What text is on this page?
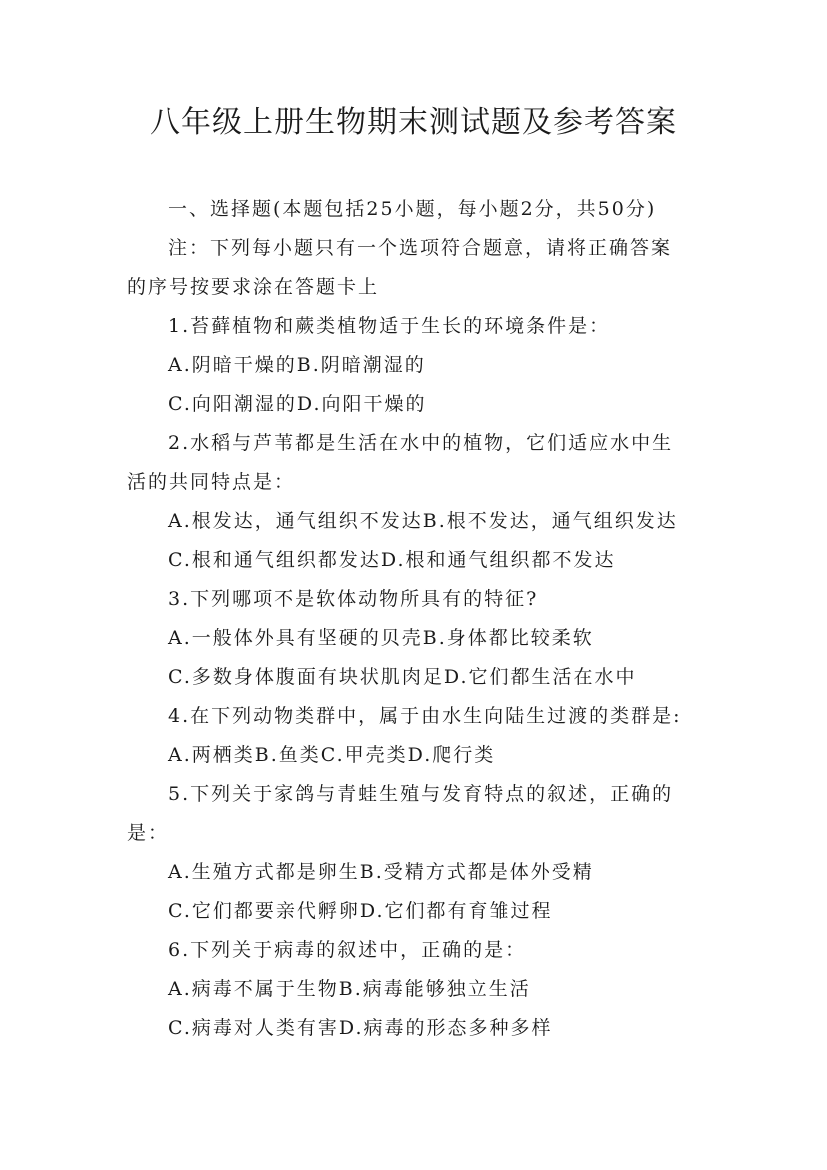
八年级上册生物期末测试题及参考答案
一、选择题(本题包括25小题，每小题2分，共50分)
注：下列每小题只有一个选项符合题意，请将正确答案
的序号按要求涂在答题卡上
1.苔藓植物和蕨类植物适于生长的环境条件是：
A.阴暗干燥的B.阴暗潮湿的
C.向阳潮湿的D.向阳干燥的
2.水稻与芦苇都是生活在水中的植物，它们适应水中生
活的共同特点是：
A.根发达，通气组织不发达B.根不发达，通气组织发达
C.根和通气组织都发达D.根和通气组织都不发达
3.下列哪项不是软体动物所具有的特征?
A.一般体外具有坚硬的贝壳B.身体都比较柔软
C.多数身体腹面有块状肌肉足D.它们都生活在水中
4.在下列动物类群中，属于由水生向陆生过渡的类群是:
A.两栖类B.鱼类C.甲壳类D.爬行类
5.下列关于家鸽与青蛙生殖与发育特点的叙述，正确的
是：
A.生殖方式都是卵生B.受精方式都是体外受精
C.它们都要亲代孵卵D.它们都有育雏过程
6.下列关于病毒的叙述中，正确的是：
A.病毒不属于生物B.病毒能够独立生活
C.病毒对人类有害D.病毒的形态多种多样
